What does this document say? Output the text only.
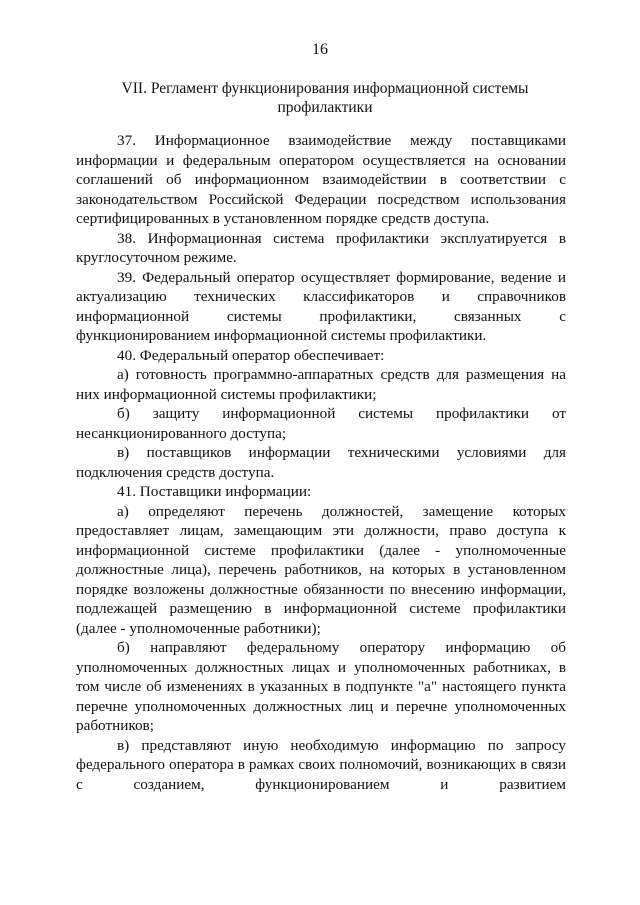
16
VII. Регламент функционирования информационной системы
профилактики

37. Информационное взаимодействие между поставщиками информации и федеральным оператором осуществляется на основании соглашений об информационном взаимодействии в соответствии с законодательством Российской Федерации посредством использования сертифицированных в установленном порядке средств доступа.

38. Информационная система профилактики эксплуатируется в круглосуточном режиме.

39. Федеральный оператор осуществляет формирование, ведение и актуализацию технических классификаторов и справочников информационной системы профилактики, связанных с функционированием информационной системы профилактики.

40. Федеральный оператор обеспечивает:

а) готовность программно-аппаратных средств для размещения на них информационной системы профилактики;

б) защиту информационной системы профилактики от несанкционированного доступа;

в) поставщиков информации техническими условиями для подключения средств доступа.

41. Поставщики информации:

а) определяют перечень должностей, замещение которых предоставляет лицам, замещающим эти должности, право доступа к информационной системе профилактики (далее - уполномоченные должностные лица), перечень работников, на которых в установленном порядке возложены должностные обязанности по внесению информации, подлежащей размещению в информационной системе профилактики (далее - уполномоченные работники);

б) направляют федеральному оператору информацию об уполномоченных должностных лицах и уполномоченных работниках, в том числе об изменениях в указанных в подпункте "а" настоящего пункта перечне уполномоченных должностных лиц и перечне уполномоченных работников;

в) представляют иную необходимую информацию по запросу федерального оператора в рамках своих полномочий, возникающих в связи с созданием, функционированием и развитием
